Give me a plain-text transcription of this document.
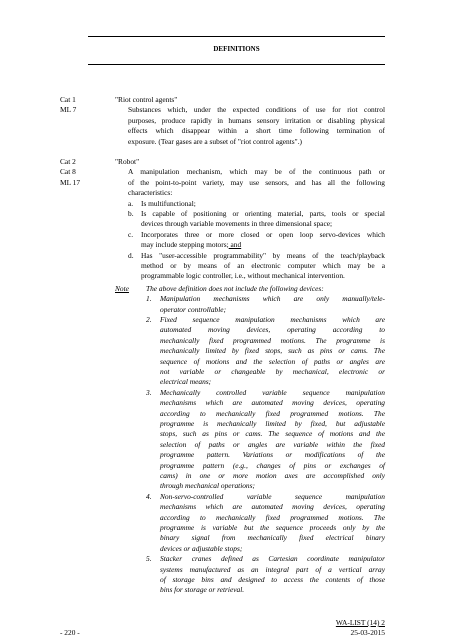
DEFINITIONS
Cat 1
ML 7
"Riot control agents"
Substances which, under the expected conditions of use for riot control
purposes, produce rapidly in humans sensory irritation or disabling physical
effects which disappear within a short time following termination of
exposure. (Tear gases are a subset of "riot control agents".)
Cat 2
Cat 8
ML 17
"Robot"
A manipulation mechanism, which may be of the continuous path or
of the point-to-point variety, may use sensors, and has all the following
characteristics:
a. Is multifunctional;
b. Is capable of positioning or orienting material, parts, tools or special
devices through variable movements in three dimensional space;
c. Incorporates three or more closed or open loop servo-devices which
may include stepping motors; and
d. Has "user-accessible programmability" by means of the teach/playback
method or by means of an electronic computer which may be a
programmable logic controller, i.e., without mechanical intervention.
Note The above definition does not include the following devices:
1. Manipulation mechanisms which are only manually/tele-
operator controllable;
2. Fixed sequence manipulation mechanisms which are
automated moving devices, operating according to
mechanically fixed programmed motions. The programme is
mechanically limited by fixed stops, such as pins or cams. The
sequence of motions and the selection of paths or angles are
not variable or changeable by mechanical, electronic or
electrical means;
3. Mechanically controlled variable sequence manipulation
mechanisms which are automated moving devices, operating
according to mechanically fixed programmed motions. The
programme is mechanically limited by fixed, but adjustable
stops, such as pins or cams. The sequence of motions and the
selection of paths or angles are variable within the fixed
programme pattern. Variations or modifications of the
programme pattern (e.g., changes of pins or exchanges of
cams) in one or more motion axes are accomplished only
through mechanical operations;
4. Non-servo-controlled variable sequence manipulation
mechanisms which are automated moving devices, operating
according to mechanically fixed programmed motions. The
programme is variable but the sequence proceeds only by the
binary signal from mechanically fixed electrical binary
devices or adjustable stops;
5. Stacker cranes defined as Cartesian coordinate manipulator
systems manufactured as an integral part of a vertical array
of storage bins and designed to access the contents of those
bins for storage or retrieval.
WA-LIST (14) 2
- 220 -	25-03-2015
